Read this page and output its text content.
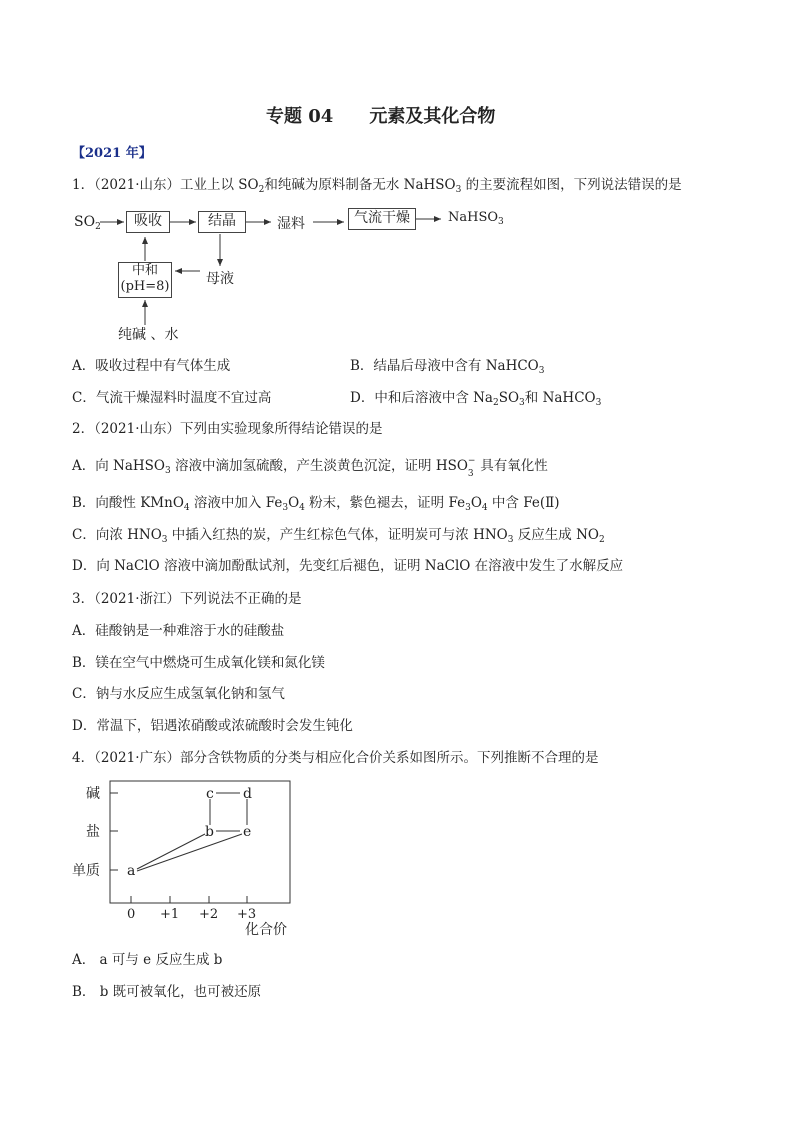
专题 04　　元素及其化合物
【2021 年】
1．（2021·山东）工业上以 $SO_2$和纯碱为原料制备无水 NaHSO$_3$ 的主要流程如图，下列说法错误的是
$SO_2$	吸收	结晶	湿料	气流干燥	NaHSO$_3$
中和
(pH=8)	母液
纯碱 、水
A．吸收过程中有气体生成	B．结晶后母液中含有 NaHCO$_3$
C．气流干燥湿料时温度不宜过高	D．中和后溶液中含 $Na_2SO_3$和 NaHCO$_3$
2．（2021·山东）下列由实验现象所得结论错误的是
A．向 NaHSO$_3$ 溶液中滴加氢硫酸，产生淡黄色沉淀，证明 HSO −
3 具有氧化性
B．向酸性 KMnO$_4$ 溶液中加入 $Fe_3O_4$ 粉末，紫色褪去，证明 $Fe_3O_4$ 中含 Fe(Ⅱ)
C．向浓 $HNO_3$ 中插入红热的炭，产生红棕色气体，证明炭可与浓 $HNO_3$ 反应生成 $NO_2$
D．向 NaClO 溶液中滴加酚酞试剂，先变红后褪色，证明 NaClO 在溶液中发生了水解反应
3．（2021·浙江）下列说法不正确的是
A．硅酸钠是一种难溶于水的硅酸盐
B．镁在空气中燃烧可生成氧化镁和氮化镁
C．钠与水反应生成氢氧化钠和氢气
D．常温下，铝遇浓硝酸或浓硫酸时会发生钝化
4．（2021·广东）部分含铁物质的分类与相应化合价关系如图所示。下列推断不合理的是
碱
盐
单质
0 +1 +2 +3
化合价
a
b
c d
e
A． a 可与 e 反应生成 b
B． b 既可被氧化，也可被还原
